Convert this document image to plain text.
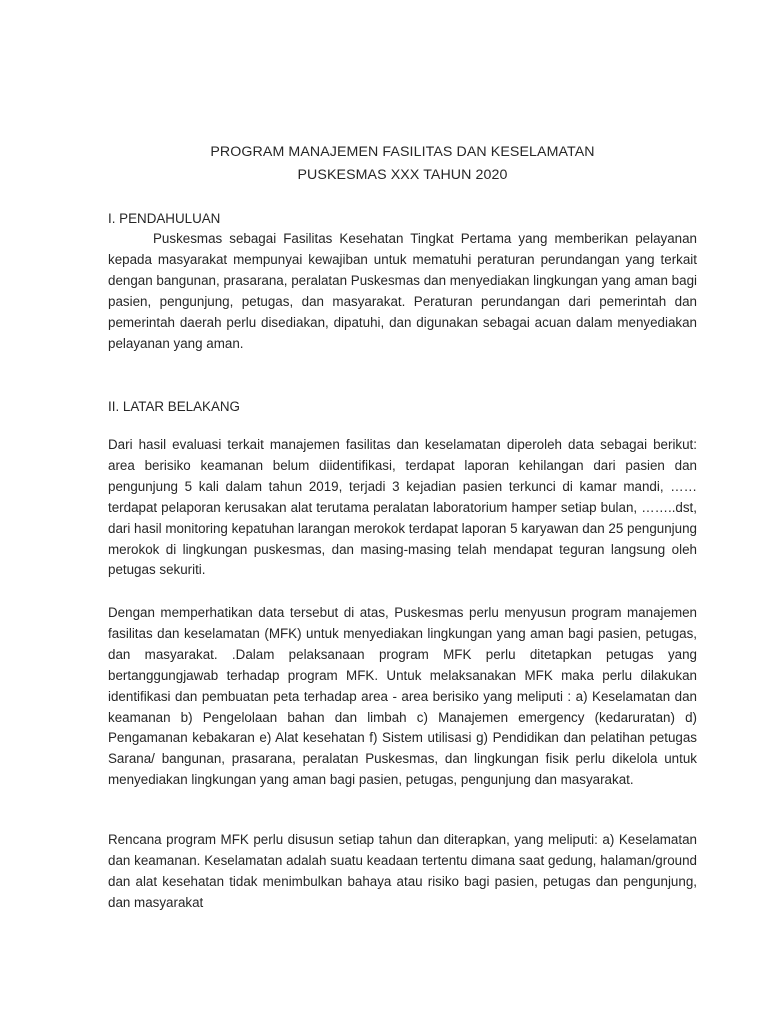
PROGRAM MANAJEMEN FASILITAS DAN KESELAMATAN

PUSKESMAS XXX TAHUN 2020

I. PENDAHULUAN

Puskesmas sebagai Fasilitas Kesehatan Tingkat Pertama yang memberikan pelayanan kepada masyarakat mempunyai kewajiban untuk mematuhi peraturan perundangan yang terkait dengan bangunan, prasarana, peralatan Puskesmas dan menyediakan lingkungan yang aman bagi pasien, pengunjung, petugas, dan masyarakat. Peraturan perundangan dari pemerintah dan pemerintah daerah perlu disediakan, dipatuhi, dan digunakan sebagai acuan dalam menyediakan pelayanan yang aman.

II. LATAR BELAKANG

Dari hasil evaluasi terkait manajemen fasilitas dan keselamatan diperoleh data sebagai berikut: area berisiko keamanan belum diidentifikasi, terdapat laporan kehilangan dari pasien dan pengunjung 5 kali dalam tahun 2019, terjadi 3 kejadian pasien terkunci di kamar mandi, …… terdapat pelaporan kerusakan alat terutama peralatan laboratorium hamper setiap bulan, ……..dst, dari hasil monitoring kepatuhan larangan merokok terdapat laporan 5 karyawan dan 25 pengunjung merokok di lingkungan puskesmas, dan masing-masing telah mendapat teguran langsung oleh petugas sekuriti.

Dengan memperhatikan data tersebut di atas, Puskesmas perlu menyusun program manajemen fasilitas dan keselamatan (MFK) untuk menyediakan lingkungan yang aman bagi pasien, petugas, dan masyarakat. .Dalam pelaksanaan program MFK perlu ditetapkan petugas yang bertanggungjawab terhadap program MFK. Untuk melaksanakan MFK maka perlu dilakukan identifikasi dan pembuatan peta terhadap area - area berisiko yang meliputi : a) Keselamatan dan keamanan b) Pengelolaan bahan dan limbah c) Manajemen emergency (kedaruratan) d) Pengamanan kebakaran e) Alat kesehatan f) Sistem utilisasi g) Pendidikan dan pelatihan petugas Sarana/ bangunan, prasarana, peralatan Puskesmas, dan lingkungan fisik perlu dikelola untuk menyediakan lingkungan yang aman bagi pasien, petugas, pengunjung dan masyarakat.

Rencana program MFK perlu disusun setiap tahun dan diterapkan, yang meliputi: a) Keselamatan dan keamanan. Keselamatan adalah suatu keadaan tertentu dimana saat gedung, halaman/ground dan alat kesehatan tidak menimbulkan bahaya atau risiko bagi pasien, petugas dan pengunjung, dan masyarakat
